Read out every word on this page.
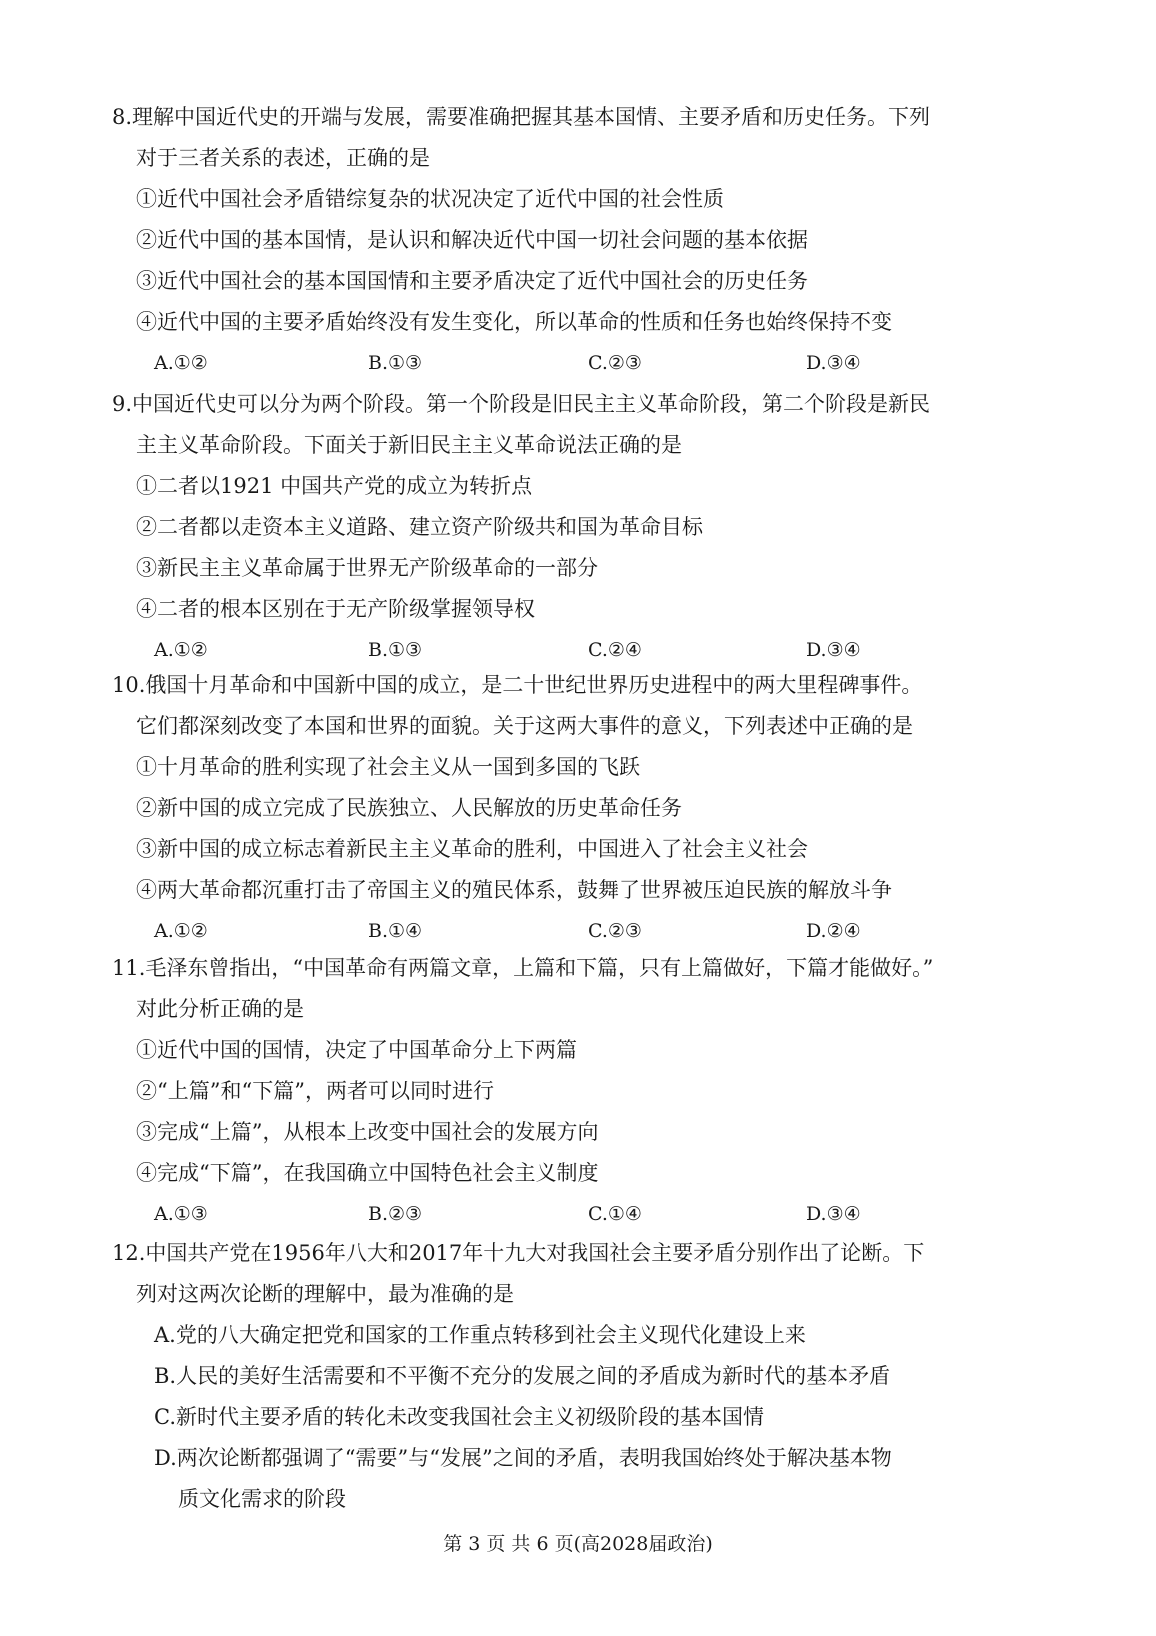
8.理解中国近代史的开端与发展，需要准确把握其基本国情、主要矛盾和历史任务。下列
对于三者关系的表述，正确的是
①近代中国社会矛盾错综复杂的状况决定了近代中国的社会性质
②近代中国的基本国情，是认识和解决近代中国一切社会问题的基本依据
③近代中国社会的基本国国情和主要矛盾决定了近代中国社会的历史任务
④近代中国的主要矛盾始终没有发生变化，所以革命的性质和任务也始终保持不变
A.①②	B.①③	C.②③	D.③④
9.中国近代史可以分为两个阶段。第一个阶段是旧民主主义革命阶段，第二个阶段是新民
主主义革命阶段。下面关于新旧民主主义革命说法正确的是
①二者以1921 中国共产党的成立为转折点
②二者都以走资本主义道路、建立资产阶级共和国为革命目标
③新民主主义革命属于世界无产阶级革命的一部分
④二者的根本区别在于无产阶级掌握领导权
A.①②	B.①③	C.②④	D.③④
10.俄国十月革命和中国新中国的成立，是二十世纪世界历史进程中的两大里程碑事件。
它们都深刻改变了本国和世界的面貌。关于这两大事件的意义，下列表述中正确的是
①十月革命的胜利实现了社会主义从一国到多国的飞跃
②新中国的成立完成了民族独立、人民解放的历史革命任务
③新中国的成立标志着新民主主义革命的胜利，中国进入了社会主义社会
④两大革命都沉重打击了帝国主义的殖民体系，鼓舞了世界被压迫民族的解放斗争
A.①②	B.①④	C.②③	D.②④
11.毛泽东曾指出，“中国革命有两篇文章，上篇和下篇，只有上篇做好，下篇才能做好。”
对此分析正确的是
①近代中国的国情，决定了中国革命分上下两篇
②“上篇”和“下篇”，两者可以同时进行
③完成“上篇”，从根本上改变中国社会的发展方向
④完成“下篇”，在我国确立中国特色社会主义制度
A.①③	B.②③	C.①④	D.③④
12.中国共产党在1956年八大和2017年十九大对我国社会主要矛盾分别作出了论断。下
列对这两次论断的理解中，最为准确的是
A.党的八大确定把党和国家的工作重点转移到社会主义现代化建设上来
B.人民的美好生活需要和不平衡不充分的发展之间的矛盾成为新时代的基本矛盾
C.新时代主要矛盾的转化未改变我国社会主义初级阶段的基本国情
D.两次论断都强调了“需要”与“发展”之间的矛盾，表明我国始终处于解决基本物
质文化需求的阶段
第 3 页 共 6 页(高2028届政治)
